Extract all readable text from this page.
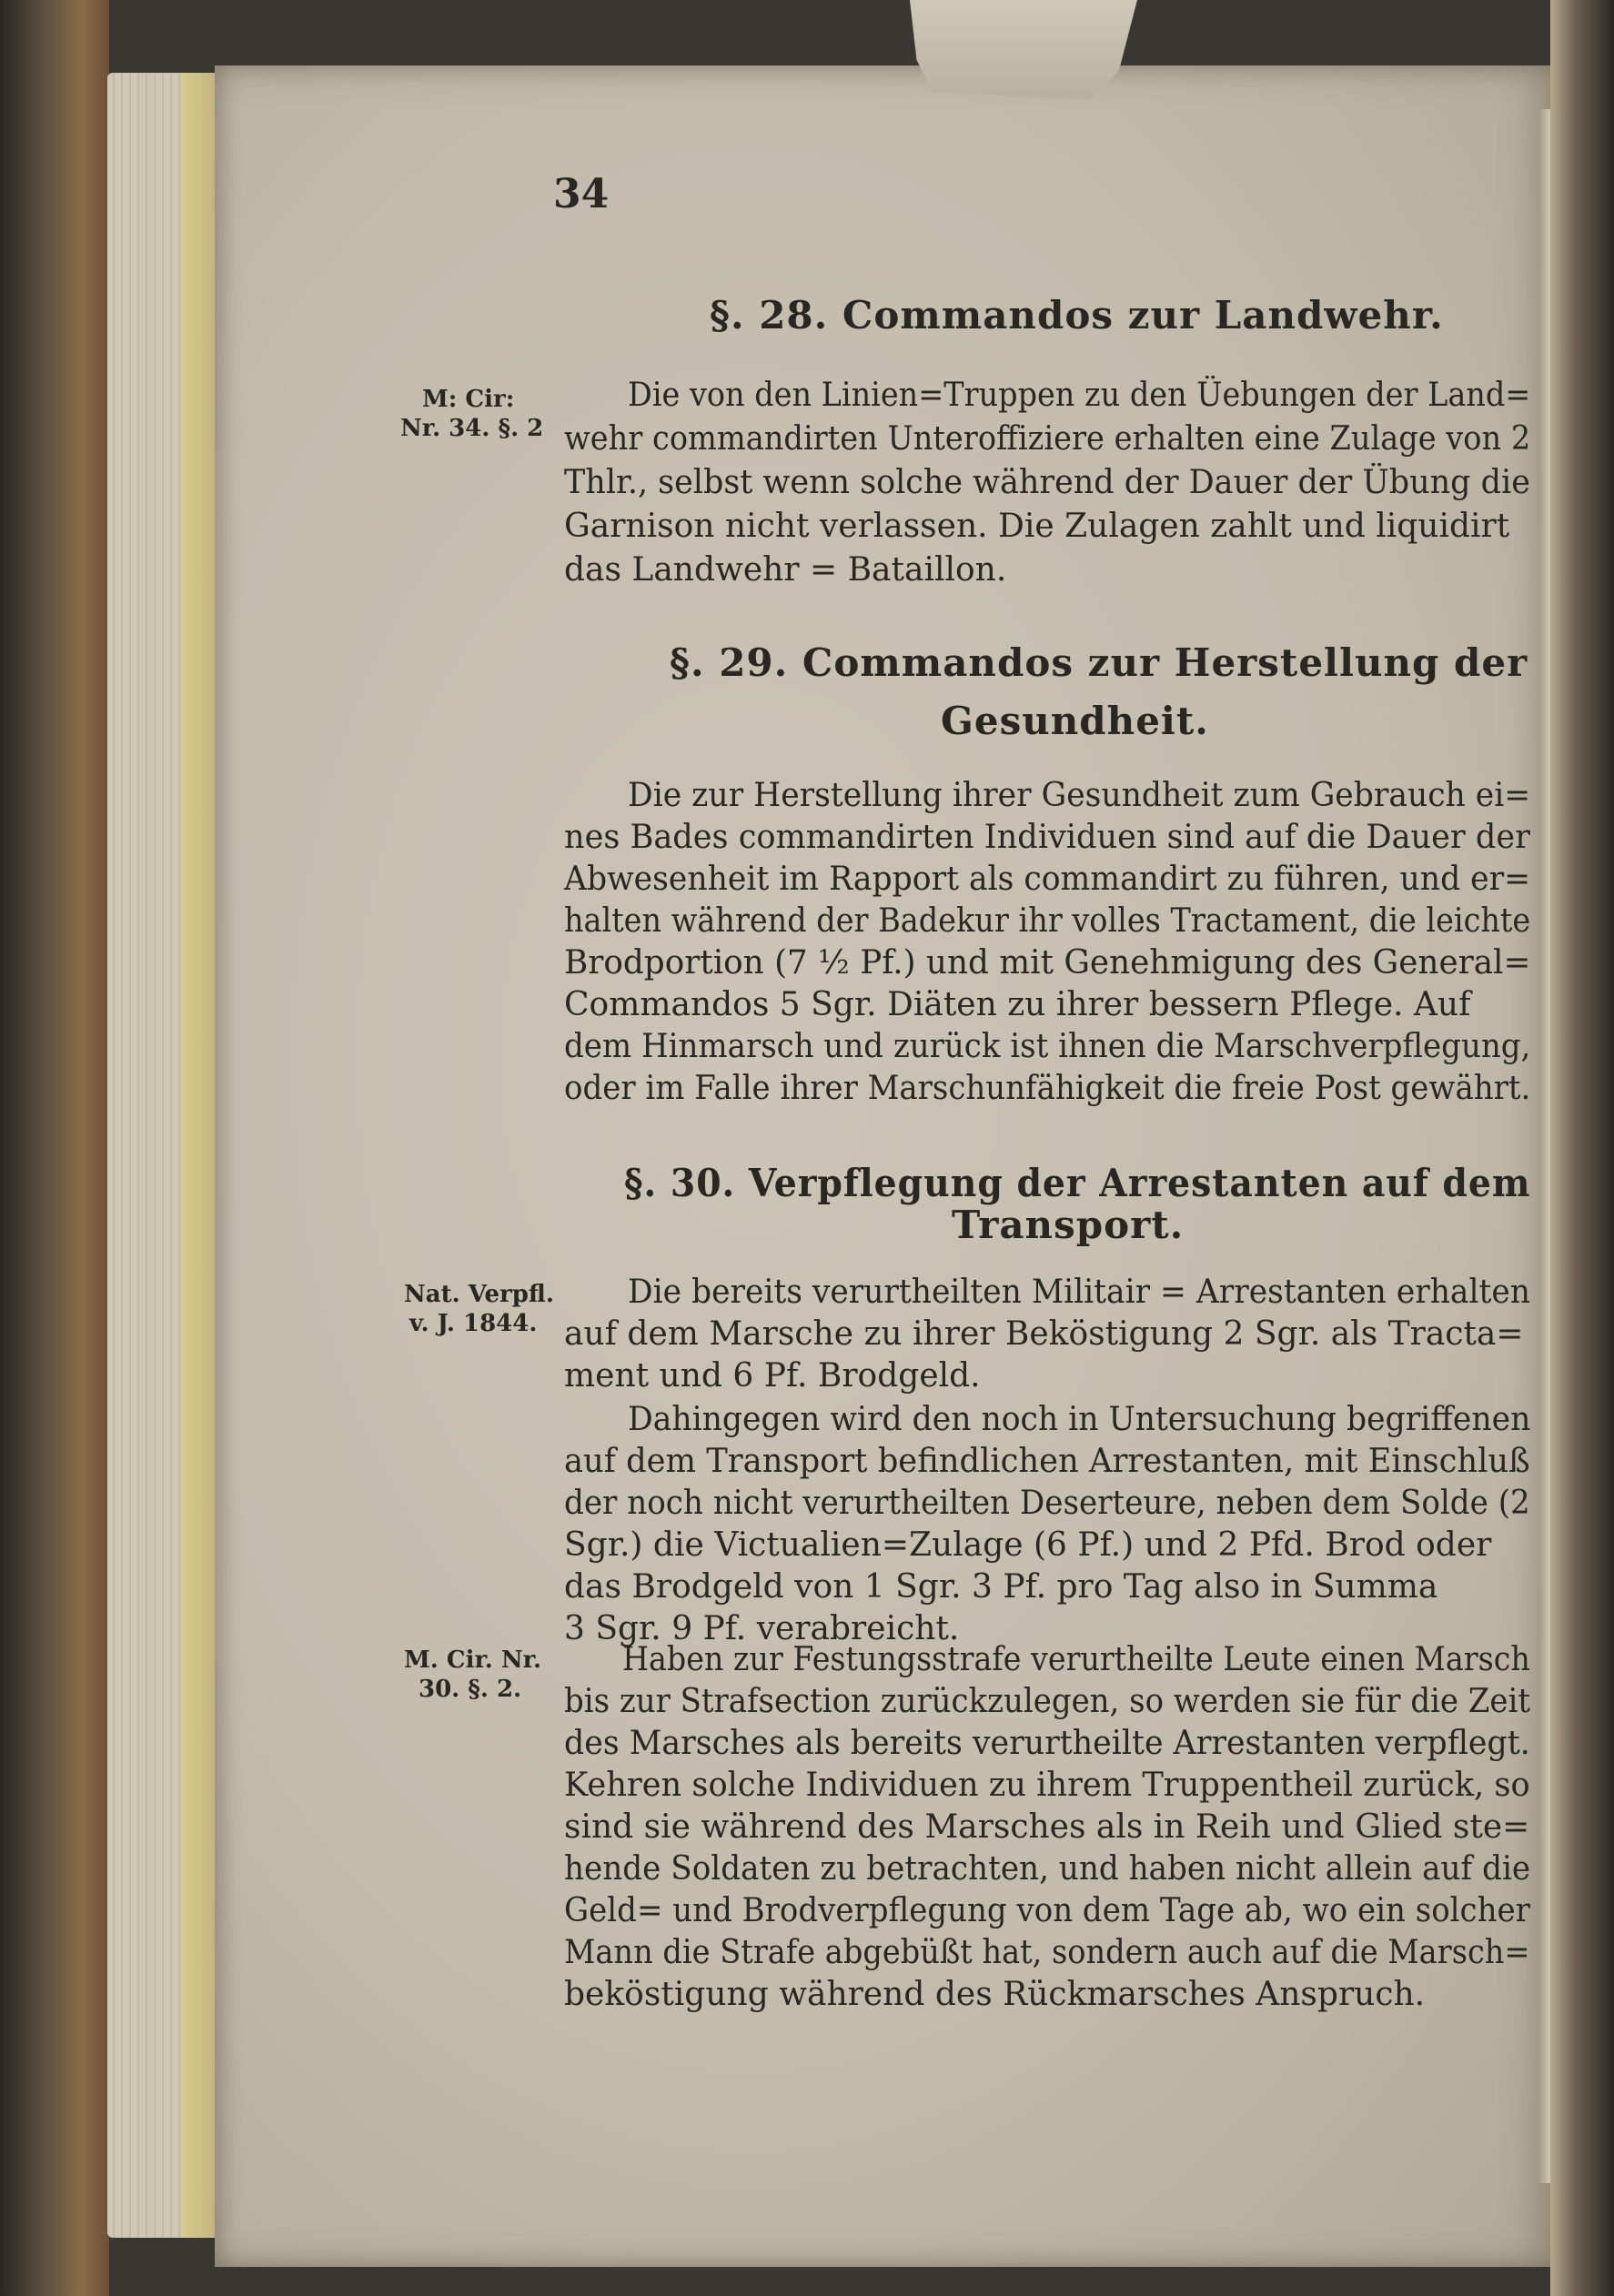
34
§. 28. Commandos zur Landwehr.
M: Cir:
Nr. 34. §. 2
Die von den Linien=Truppen zu den Üebungen der Land=
wehr commandirten Unteroffiziere erhalten eine Zulage von 2
Thlr., selbst wenn solche während der Dauer der Übung die
Garnison nicht verlassen. Die Zulagen zahlt und liquidirt
das Landwehr = Bataillon.
§. 29. Commandos zur Herstellung der
Gesundheit.
Die zur Herstellung ihrer Gesundheit zum Gebrauch ei=
nes Bades commandirten Individuen sind auf die Dauer der
Abwesenheit im Rapport als commandirt zu führen, und er=
halten während der Badekur ihr volles Tractament, die leichte
Brodportion (7 ½ Pf.) und mit Genehmigung des General=
Commandos 5 Sgr. Diäten zu ihrer bessern Pflege. Auf
dem Hinmarsch und zurück ist ihnen die Marschverpflegung,
oder im Falle ihrer Marschunfähigkeit die freie Post gewährt.
§. 30. Verpflegung der Arrestanten auf dem
Transport.
Nat. Verpfl.
v. J. 1844.
Die bereits verurtheilten Militair = Arrestanten erhalten
auf dem Marsche zu ihrer Beköstigung 2 Sgr. als Tracta=
ment und 6 Pf. Brodgeld.
Dahingegen wird den noch in Untersuchung begriffenen
auf dem Transport befindlichen Arrestanten, mit Einschluß
der noch nicht verurtheilten Deserteure, neben dem Solde (2
Sgr.) die Victualien=Zulage (6 Pf.) und 2 Pfd. Brod oder
das Brodgeld von 1 Sgr. 3 Pf. pro Tag also in Summa
3 Sgr. 9 Pf. verabreicht.
M. Cir. Nr.
30. §. 2.
Haben zur Festungsstrafe verurtheilte Leute einen Marsch
bis zur Strafsection zurückzulegen, so werden sie für die Zeit
des Marsches als bereits verurtheilte Arrestanten verpflegt.
Kehren solche Individuen zu ihrem Truppentheil zurück, so
sind sie während des Marsches als in Reih und Glied ste=
hende Soldaten zu betrachten, und haben nicht allein auf die
Geld= und Brodverpflegung von dem Tage ab, wo ein solcher
Mann die Strafe abgebüßt hat, sondern auch auf die Marsch=
beköstigung während des Rückmarsches Anspruch.
